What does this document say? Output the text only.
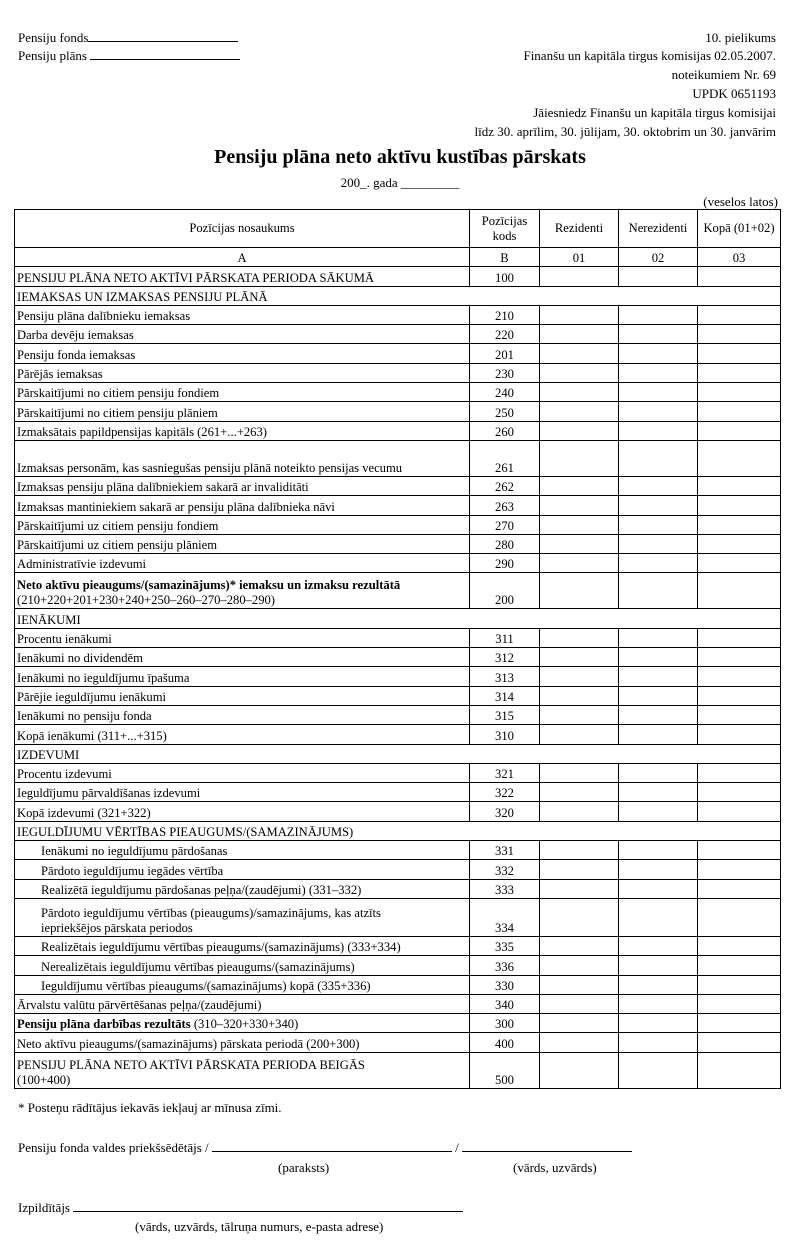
Pensiju fonds
Pensiju plāns
10. pielikums
Finanšu un kapitāla tirgus komisijas 02.05.2007.
noteikumiem Nr. 69
UPDK 0651193
Jāiesniedz Finanšu un kapitāla tirgus komisijai
līdz 30. aprīlim, 30. jūlijam, 30. oktobrim un 30. janvārim
Pensiju plāna neto aktīvu kustības pārskats
200_. gada _________
(veselos latos)
Pozīcijas nosaukums	Pozīcijas kods	Rezidenti	Nerezidenti	Kopā (01+02)
A	B	01	02	03
PENSIJU PLĀNA NETO AKTĪVI PĀRSKATA PERIODA SĀKUMĀ	100			
IEMAKSAS UN IZMAKSAS PENSIJU PLĀNĀ				
Pensiju plāna dalībnieku iemaksas	210			
Darba devēju iemaksas	220			
Pensiju fonda iemaksas	201			
Pārējās iemaksas	230			
Pārskaitījumi no citiem pensiju fondiem	240			
Pārskaitījumi no citiem pensiju plāniem	250			
Izmaksātais papildpensijas kapitāls (261+...+263)	260			
Izmaksas personām, kas sasniegušas pensiju plānā noteikto pensijas vecumu	261			
Izmaksas pensiju plāna dalībniekiem sakarā ar invaliditāti	262			
Izmaksas mantiniekiem sakarā ar pensiju plāna dalībnieka nāvi	263			
Pārskaitījumi uz citiem pensiju fondiem	270			
Pārskaitījumi uz citiem pensiju plāniem	280			
Administratīvie izdevumi	290			

Neto aktīvu pieaugums/(samazinājums)* iemaksu un izmaksu rezultātā
(210+220+201+230+240+250–260–270–280–290)	200			
IENĀKUMI				
Procentu ienākumi	311			
Ienākumi no dividendēm	312			
Ienākumi no ieguldījumu īpašuma	313			
Pārējie ieguldījumu ienākumi	314			
Ienākumi no pensiju fonda	315			
Kopā ienākumi (311+...+315)	310			
IZDEVUMI				
Procentu izdevumi	321			
Ieguldījumu pārvaldīšanas izdevumi	322			
Kopā izdevumi (321+322)	320			
IEGULDĪJUMU VĒRTĪBAS PIEAUGUMS/(SAMAZINĀJUMS)				
Ienākumi no ieguldījumu pārdošanas	331			
Pārdoto ieguldījumu iegādes vērtība	332			
Realizētā ieguldījumu pārdošanas peļņa/(zaudējumi) (331–332)	333			

Pārdoto ieguldījumu vērtības (pieaugums)/samazinājums, kas atzīts
iepriekšējos pārskata periodos	334			
Realizētais ieguldījumu vērtības pieaugums/(samazinājums) (333+334)	335			
Nerealizētais ieguldījumu vērtības pieaugums/(samazinājums)	336			
Ieguldījumu vērtības pieaugums/(samazinājums) kopā (335+336)	330			
Ārvalstu valūtu pārvērtēšanas peļņa/(zaudējumi)	340			
Pensiju plāna darbības rezultāts (310–320+330+340)	300			
Neto aktīvu pieaugums/(samazinājums) pārskata periodā (200+300)	400			

PENSIJU PLĀNA NETO AKTĪVI PĀRSKATA PERIODA BEIGĀS
(100+400)	500			
* Posteņu rādītājus iekavās iekļauj ar mīnusa zīmi.
Pensiju fonda valdes priekšsēdētājs /	/
(paraksts)	(vārds, uzvārds)
Izpildītājs
(vārds, uzvārds, tālruņa numurs, e-pasta adrese)
